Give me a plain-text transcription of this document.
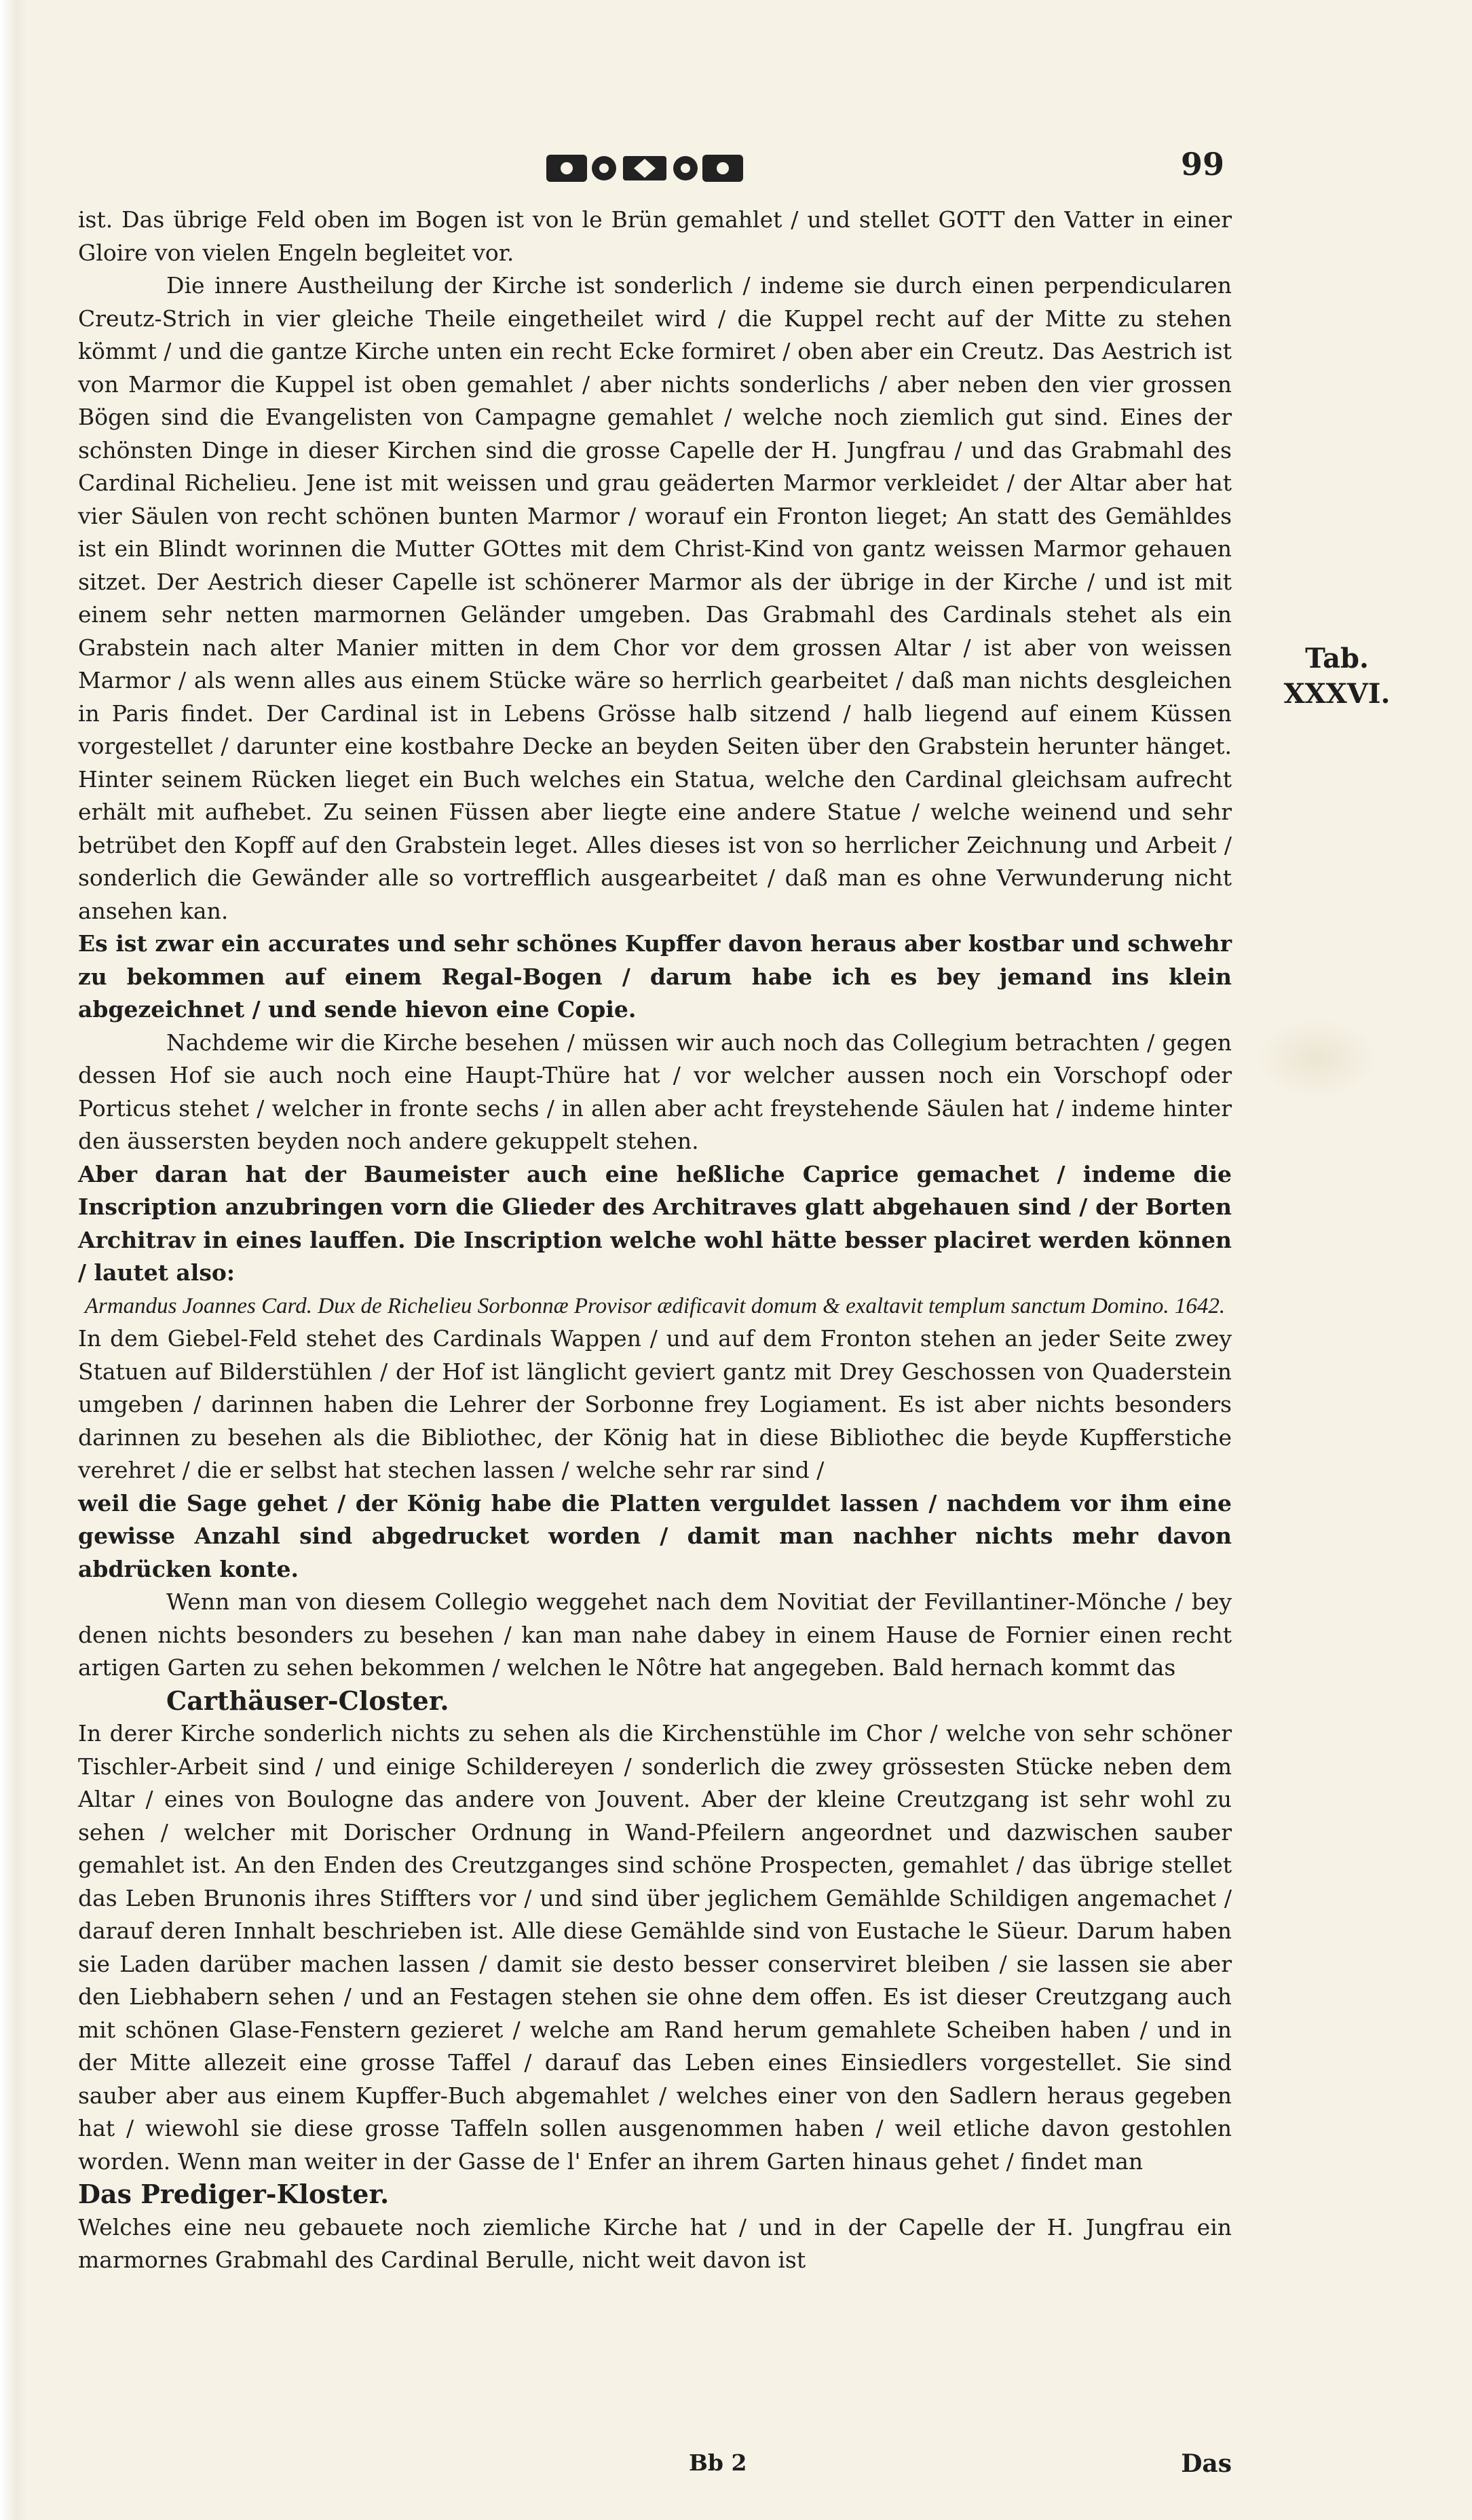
99
Tab.
XXXVI.

ist. Das übrige Feld oben im Bogen ist von le Brün gemahlet / und stellet GOTT den Vatter in einer Gloire von vielen Engeln begleitet vor.

Die innere Austheilung der Kirche ist sonderlich / indeme sie durch einen perpendicularen Creutz-Strich in vier gleiche Theile eingetheilet wird / die Kuppel recht auf der Mitte zu stehen kömmt / und die gantze Kirche unten ein recht Ecke formiret / oben aber ein Creutz. Das Aestrich ist von Marmor die Kuppel ist oben gemahlet / aber nichts sonderlichs / aber neben den vier grossen Bögen sind die Evangelisten von Campagne gemahlet / welche noch ziemlich gut sind. Eines der schönsten Dinge in dieser Kirchen sind die grosse Capelle der H. Jungfrau / und das Grabmahl des Cardinal Richelieu. Jene ist mit weissen und grau geäderten Marmor verkleidet / der Altar aber hat vier Säulen von recht schönen bunten Marmor / worauf ein Fronton lieget; An statt des Gemähldes ist ein Blindt worinnen die Mutter GOttes mit dem Christ-Kind von gantz weissen Marmor gehauen sitzet. Der Aestrich dieser Capelle ist schönerer Marmor als der übrige in der Kirche / und ist mit einem sehr netten marmornen Geländer umgeben. Das Grabmahl des Cardinals stehet als ein Grabstein nach alter Manier mitten in dem Chor vor dem grossen Altar / ist aber von weissen Marmor / als wenn alles aus einem Stücke wäre so herrlich gearbeitet / daß man nichts desgleichen in Paris findet. Der Cardinal ist in Lebens Grösse halb sitzend / halb liegend auf einem Küssen vorgestellet / darunter eine kostbahre Decke an beyden Seiten über den Grabstein herunter hänget. Hinter seinem Rücken lieget ein Buch welches ein Statua, welche den Cardinal gleichsam aufrecht erhält mit aufhebet. Zu seinen Füssen aber liegte eine andere Statue / welche weinend und sehr betrübet den Kopff auf den Grabstein leget. Alles dieses ist von so herrlicher Zeichnung und Arbeit / sonderlich die Gewänder alle so vortrefflich ausgearbeitet / daß man es ohne Verwunderung nicht ansehen kan.

Es ist zwar ein accurates und sehr schönes Kupffer davon heraus aber kostbar und schwehr zu bekommen auf einem Regal-Bogen / darum habe ich es bey jemand ins klein abgezeichnet / und sende hievon eine Copie.

Nachdeme wir die Kirche besehen / müssen wir auch noch das Collegium betrachten / gegen dessen Hof sie auch noch eine Haupt-Thüre hat / vor welcher aussen noch ein Vorschopf oder Porticus stehet / welcher in fronte sechs / in allen aber acht freystehende Säulen hat / indeme hinter den äussersten beyden noch andere gekuppelt stehen.

Aber daran hat der Baumeister auch eine heßliche Caprice gemachet / indeme die Inscription anzubringen vorn die Glieder des Architraves glatt abgehauen sind / der Borten Architrav in eines lauffen. Die Inscription welche wohl hätte besser placiret werden können / lautet also:

Armandus Joannes Card. Dux de Richelieu Sorbonnæ Provisor ædificavit domum & exaltavit templum sanctum Domino. 1642.

In dem Giebel-Feld stehet des Cardinals Wappen / und auf dem Fronton stehen an jeder Seite zwey Statuen auf Bilderstühlen / der Hof ist länglicht geviert gantz mit Drey Geschossen von Quaderstein umgeben / darinnen haben die Lehrer der Sorbonne frey Logiament. Es ist aber nichts besonders darinnen zu besehen als die Bibliothec, der König hat in diese Bibliothec die beyde Kupfferstiche verehret / die er selbst hat stechen lassen / welche sehr rar sind /

weil die Sage gehet / der König habe die Platten verguldet lassen / nachdem vor ihm eine gewisse Anzahl sind abgedrucket worden / damit man nachher nichts mehr davon abdrücken konte.

Wenn man von diesem Collegio weggehet nach dem Novitiat der Fevillantiner-Mönche / bey denen nichts besonders zu besehen / kan man nahe dabey in einem Hause de Fornier einen recht artigen Garten zu sehen bekommen / welchen le Nôtre hat angegeben. Bald hernach kommt das

Carthäuser-Closter.

In derer Kirche sonderlich nichts zu sehen als die Kirchenstühle im Chor / welche von sehr schöner Tischler-Arbeit sind / und einige Schildereyen / sonderlich die zwey grössesten Stücke neben dem Altar / eines von Boulogne das andere von Jouvent. Aber der kleine Creutzgang ist sehr wohl zu sehen / welcher mit Dorischer Ordnung in Wand-Pfeilern angeordnet und dazwischen sauber gemahlet ist. An den Enden des Creutzganges sind schöne Prospecten, gemahlet / das übrige stellet das Leben Brunonis ihres Stiffters vor / und sind über jeglichem Gemählde Schildigen angemachet / darauf deren Innhalt beschrieben ist. Alle diese Gemählde sind von Eustache le Süeur. Darum haben sie Laden darüber machen lassen / damit sie desto besser conserviret bleiben / sie lassen sie aber den Liebhabern sehen / und an Festagen stehen sie ohne dem offen. Es ist dieser Creutzgang auch mit schönen Glase-Fenstern gezieret / welche am Rand herum gemahlete Scheiben haben / und in der Mitte allezeit eine grosse Taffel / darauf das Leben eines Einsiedlers vorgestellet. Sie sind sauber aber aus einem Kupffer-Buch abgemahlet / welches einer von den Sadlern heraus gegeben hat / wiewohl sie diese grosse Taffeln sollen ausgenommen haben / weil etliche davon gestohlen worden. Wenn man weiter in der Gasse de l' Enfer an ihrem Garten hinaus gehet / findet man

Das Prediger-Kloster.

Welches eine neu gebauete noch ziemliche Kirche hat / und in der Capelle der H. Jungfrau ein marmornes Grabmahl des Cardinal Berulle, nicht weit davon ist

Bb 2	Das
